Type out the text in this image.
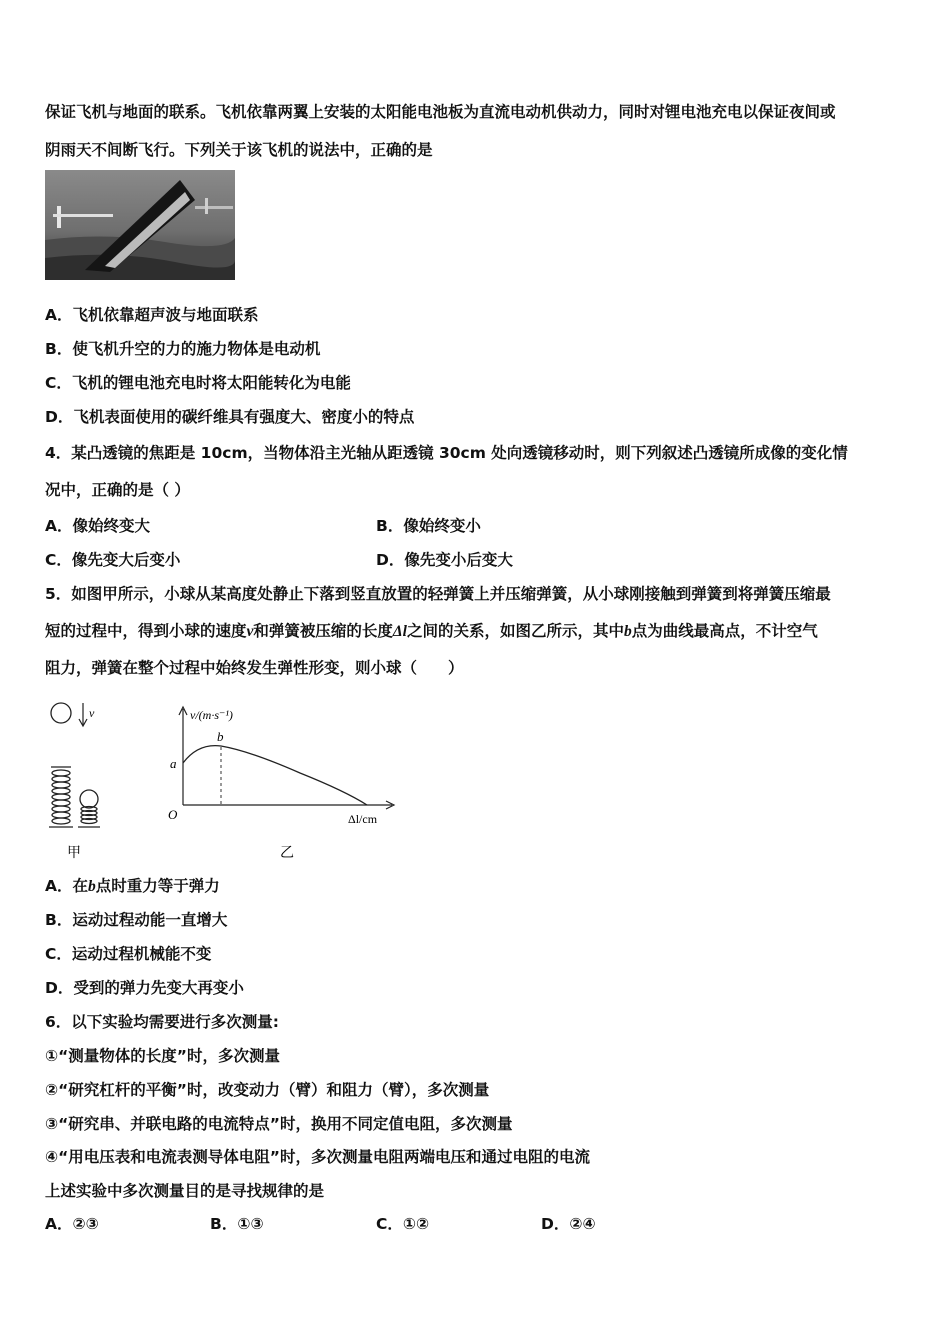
保证飞机与地面的联系。飞机依靠两翼上安装的太阳能电池板为直流电动机供动力，同时对锂电池充电以保证夜间或
阴雨天不间断飞行。下列关于该飞机的说法中，正确的是
A．飞机依靠超声波与地面联系
B．使飞机升空的力的施力物体是电动机
C．飞机的锂电池充电时将太阳能转化为电能
D．飞机表面使用的碳纤维具有强度大、密度小的特点
4．某凸透镜的焦距是 10cm，当物体沿主光轴从距透镜 30cm 处向透镜移动时，则下列叙述凸透镜所成像的变化情
况中，正确的是（ ）
A．像始终变大	B．像始终变小
C．像先变大后变小	D．像先变小后变大
5．如图甲所示，小球从某高度处静止下落到竖直放置的轻弹簧上并压缩弹簧，从小球刚接触到弹簧到将弹簧压缩最
短的过程中，得到小球的速度v和弹簧被压缩的长度Δl之间的关系，如图乙所示，其中b点为曲线最高点，不计空气
阻力，弹簧在整个过程中始终发生弹性形变，则小球（　　）
v
甲
v/(m·s⁻¹)
Δl/cm
O
a
b
乙
A．在b点时重力等于弹力
B．运动过程动能一直增大
C．运动过程机械能不变
D．受到的弹力先变大再变小
6．以下实验均需要进行多次测量:
①“测量物体的长度”时，多次测量
②“研究杠杆的平衡”时，改变动力（臂）和阻力（臂），多次测量
③“研究串、并联电路的电流特点”时，换用不同定值电阻，多次测量
④“用电压表和电流表测导体电阻”时，多次测量电阻两端电压和通过电阻的电流
上述实验中多次测量目的是寻找规律的是
A．②③	B．①③	C．①②	D．②④
